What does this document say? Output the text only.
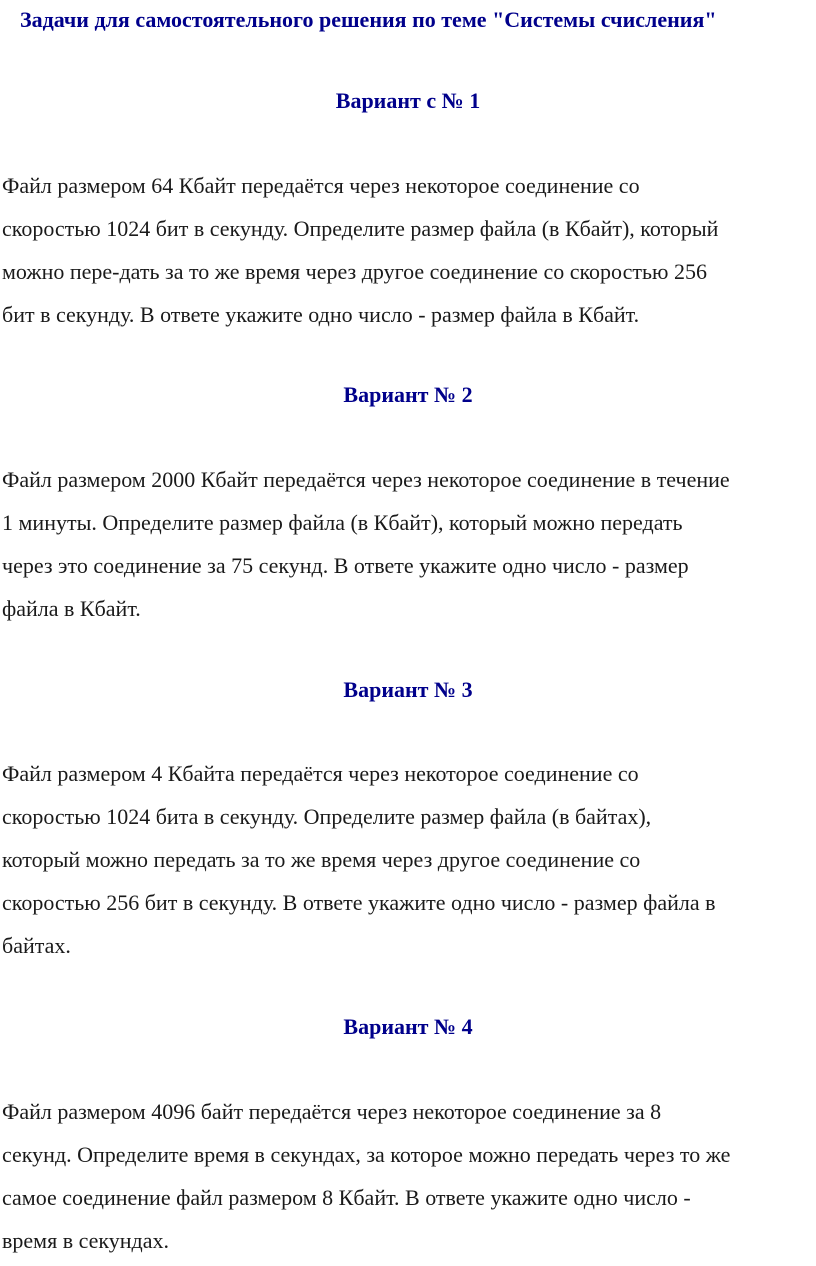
Задачи для самостоятельного решения по теме "Системы счисления"
Вариант с № 1

Файл размером 64 Кбайт передаётся через некоторое соединение со
скоростью 1024 бит в секунду. Определите размер файла (в Кбайт), который
можно пере-дать за то же время через другое соединение со скоростью 256
бит в секунду. В ответе укажите одно число - размер файла в Кбайт.

Вариант № 2

Файл размером 2000 Кбайт передаётся через некоторое соединение в течение
1 минуты. Определите размер файла (в Кбайт), который можно передать
через это соединение за 75 секунд. В ответе укажите одно число - размер
файла в Кбайт.

Вариант № 3

Файл размером 4 Кбайта передаётся через некоторое соединение со
скоростью 1024 бита в секунду. Определите размер файла (в байтах),
который можно передать за то же время через другое соединение со
скоростью 256 бит в секунду. В ответе укажите одно число - размер файла в
байтах.

Вариант № 4

Файл размером 4096 байт передаётся через некоторое соединение за 8
секунд. Определите время в секундах, за которое можно передать через то же
самое соединение файл размером 8 Кбайт. В ответе укажите одно число -
время в секундах.
